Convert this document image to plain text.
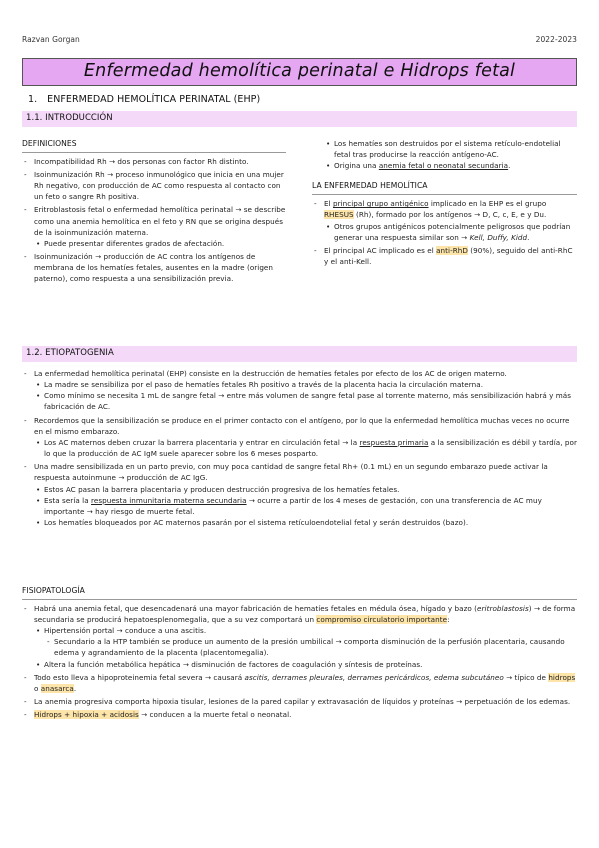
Razvan Gorgan	2022-2023
Enfermedad hemolítica perinatal e Hidrops fetal
1. ENFERMEDAD HEMOLÍTICA PERINATAL (EHP)
1.1. INTRODUCCIÓN
DEFINICIONES
- Incompatibilidad Rh → dos personas con factor Rh distinto.
- Isoinmunización Rh → proceso inmunológico que inicia en una mujer Rh negativo, con producción de AC como respuesta al contacto con un feto o sangre Rh positiva.
- Eritroblastosis fetal o enfermedad hemolítica perinatal → se describe como una anemia hemolítica en el feto y RN que se origina después de la isoinmunización materna.
• Puede presentar diferentes grados de afectación.
- Isoinmunización → producción de AC contra los antígenos de membrana de los hematíes fetales, ausentes en la madre (origen paterno), como respuesta a una sensibilización previa.
• Los hematíes son destruidos por el sistema retículo-endotelial fetal tras producirse la reacción antígeno-AC.
• Origina una anemia fetal o neonatal secundaria.
LA ENFERMEDAD HEMOLÍTICA
- El principal grupo antigénico implicado en la EHP es el grupo RHESUS (Rh), formado por los antígenos → D, C, c, E, e y Du.
• Otros grupos antigénicos potencialmente peligrosos que podrían generar una respuesta similar son → Kell, Duffy, Kidd.
- El principal AC implicado es el anti-RhD (90%), seguido del anti-RhC y el anti-Kell.
1.2. ETIOPATOGENIA
- La enfermedad hemolítica perinatal (EHP) consiste en la destrucción de hematíes fetales por efecto de los AC de origen materno.
• La madre se sensibiliza por el paso de hematíes fetales Rh positivo a través de la placenta hacia la circulación materna.
• Como mínimo se necesita 1 mL de sangre fetal → entre más volumen de sangre fetal pase al torrente materno, más sensibilización habrá y más fabricación de AC.
- Recordemos que la sensibilización se produce en el primer contacto con el antígeno, por lo que la enfermedad hemolítica muchas veces no ocurre en el mismo embarazo.
• Los AC maternos deben cruzar la barrera placentaria y entrar en circulación fetal → la respuesta primaria a la sensibilización es débil y tardía, por lo que la producción de AC IgM suele aparecer sobre los 6 meses posparto.
- Una madre sensibilizada en un parto previo, con muy poca cantidad de sangre fetal Rh+ (0.1 mL) en un segundo embarazo puede activar la respuesta autoinmune → producción de AC IgG.
• Estos AC pasan la barrera placentaria y producen destrucción progresiva de los hematíes fetales.
• Esta sería la respuesta inmunitaria materna secundaria → ocurre a partir de los 4 meses de gestación, con una transferencia de AC muy importante → hay riesgo de muerte fetal.
• Los hematíes bloqueados por AC maternos pasarán por el sistema retículoendotelial fetal y serán destruidos (bazo).
FISIOPATOLOGÍA
- Habrá una anemia fetal, que desencadenará una mayor fabricación de hematíes fetales en médula ósea, hígado y bazo (eritroblastosis) → de forma secundaria se producirá hepatoesplenomegalia, que a su vez comportará un compromiso circulatorio importante:
• Hipertensión portal → conduce a una ascitis.
- Secundario a la HTP también se produce un aumento de la presión umbilical → comporta disminución de la perfusión placentaria, causando edema y agrandamiento de la placenta (placentomegalia).
• Altera la función metabólica hepática → disminución de factores de coagulación y síntesis de proteínas.
- Todo esto lleva a hipoproteinemia fetal severa → causará ascitis, derrames pleurales, derrames pericárdicos, edema subcutáneo → típico de hidrops o anasarca.
- La anemia progresiva comporta hipoxia tisular, lesiones de la pared capilar y extravasación de líquidos y proteínas → perpetuación de los edemas.
- Hidrops + hipoxia + acidosis → conducen a la muerte fetal o neonatal.
